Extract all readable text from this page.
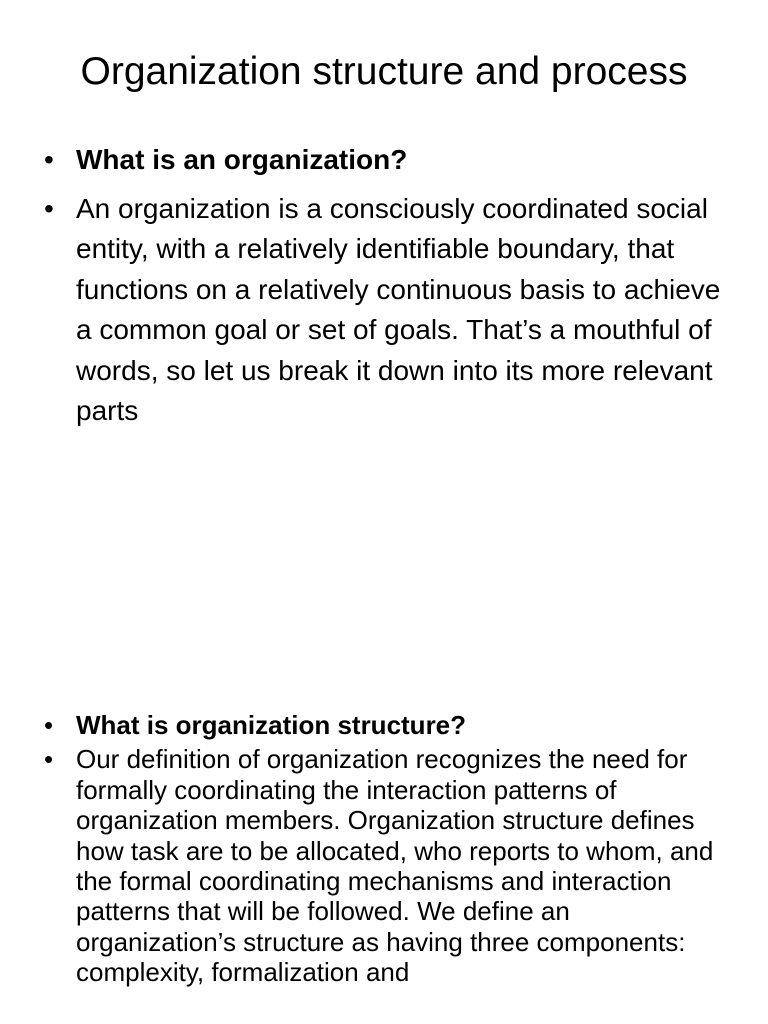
Organization structure and process
• What is an organization?
• An organization is a consciously coordinated social entity, with a relatively identifiable boundary, that functions on a relatively continuous basis to achieve a common goal or set of goals. That’s a mouthful of words, so let us break it down into its more relevant parts
• What is organization structure?
• Our definition of organization recognizes the need for formally coordinating the interaction patterns of organization members. Organization structure defines how task are to be allocated, who reports to whom, and the formal coordinating mechanisms and interaction patterns that will be followed. We define an organization’s structure as having three components: complexity, formalization and
